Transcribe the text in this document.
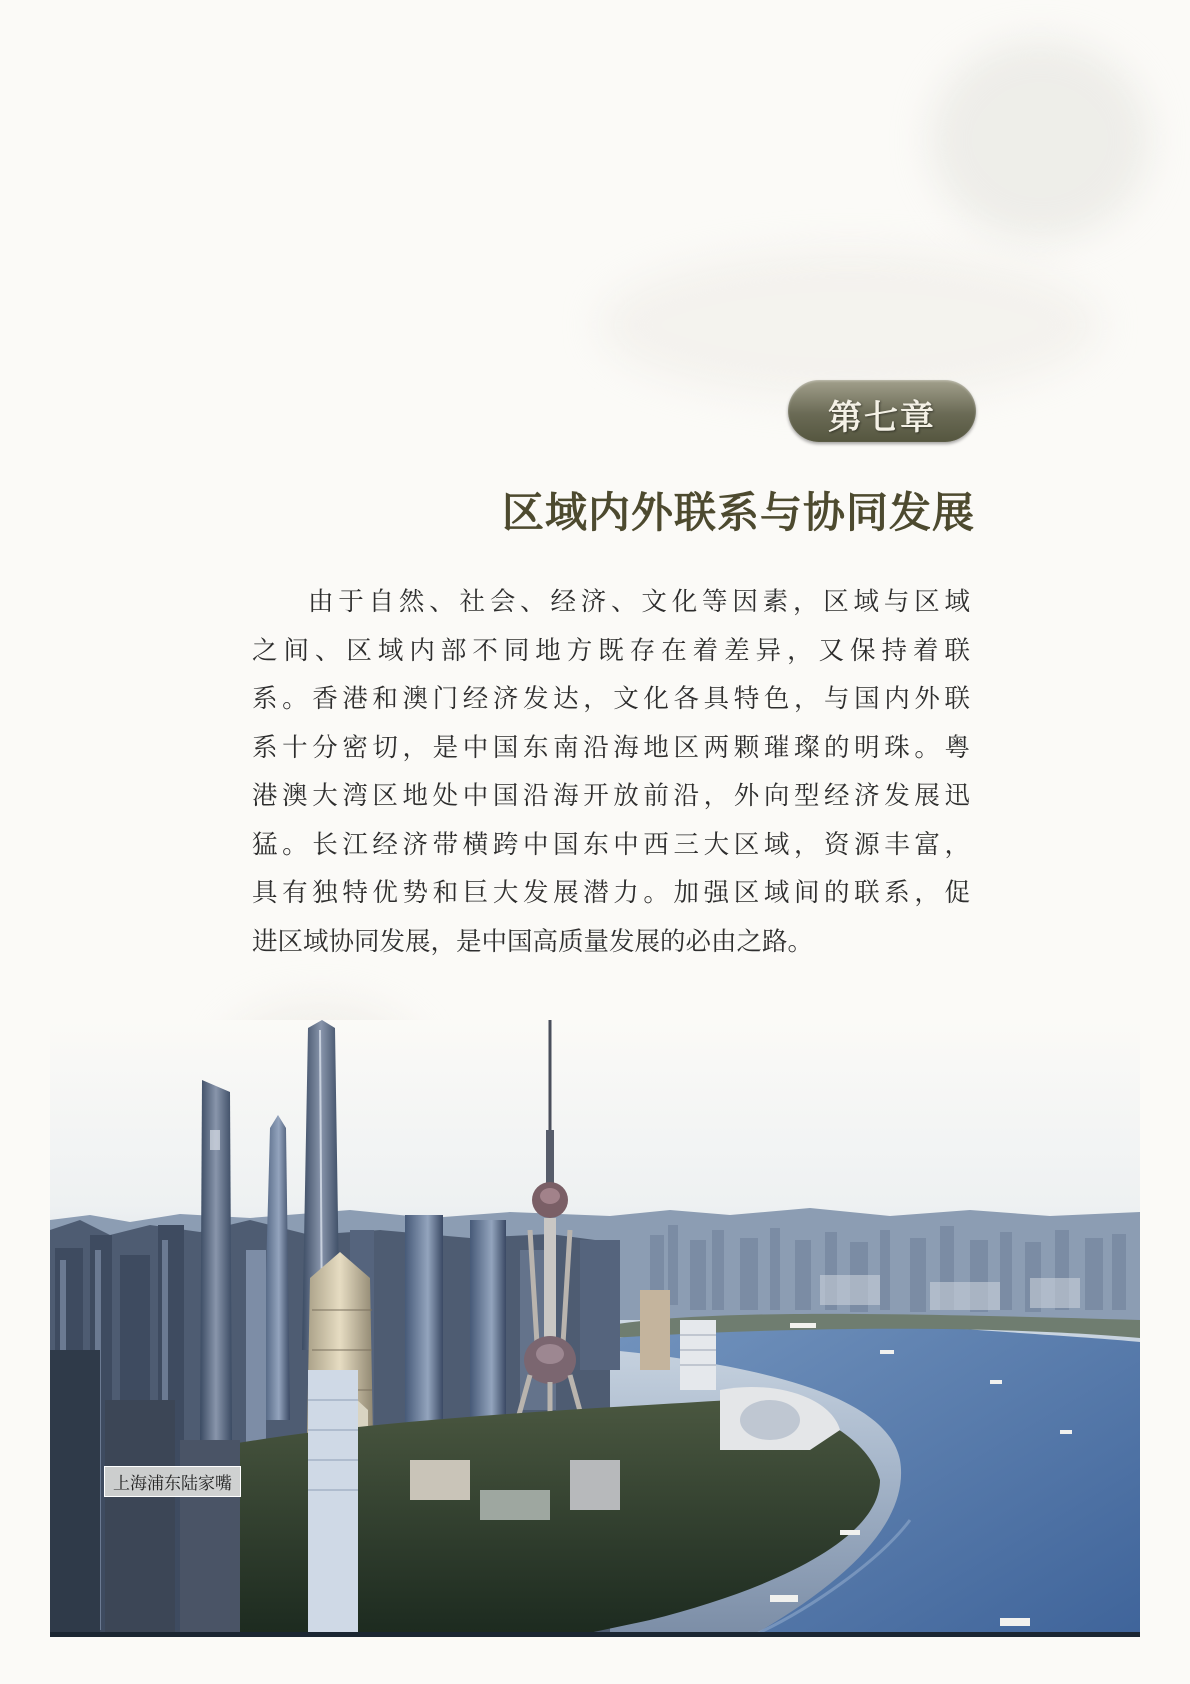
第七章
区域内外联系与协同发展
由于自然、社会、经济、文化等因素，区域与区域
之间、区域内部不同地方既存在着差异，又保持着联
系。香港和澳门经济发达，文化各具特色，与国内外联
系十分密切，是中国东南沿海地区两颗璀璨的明珠。粤
港澳大湾区地处中国沿海开放前沿，外向型经济发展迅
猛。长江经济带横跨中国东中西三大区域，资源丰富，
具有独特优势和巨大发展潜力。加强区域间的联系，促
进区域协同发展，是中国高质量发展的必由之路。
上海浦东陆家嘴
